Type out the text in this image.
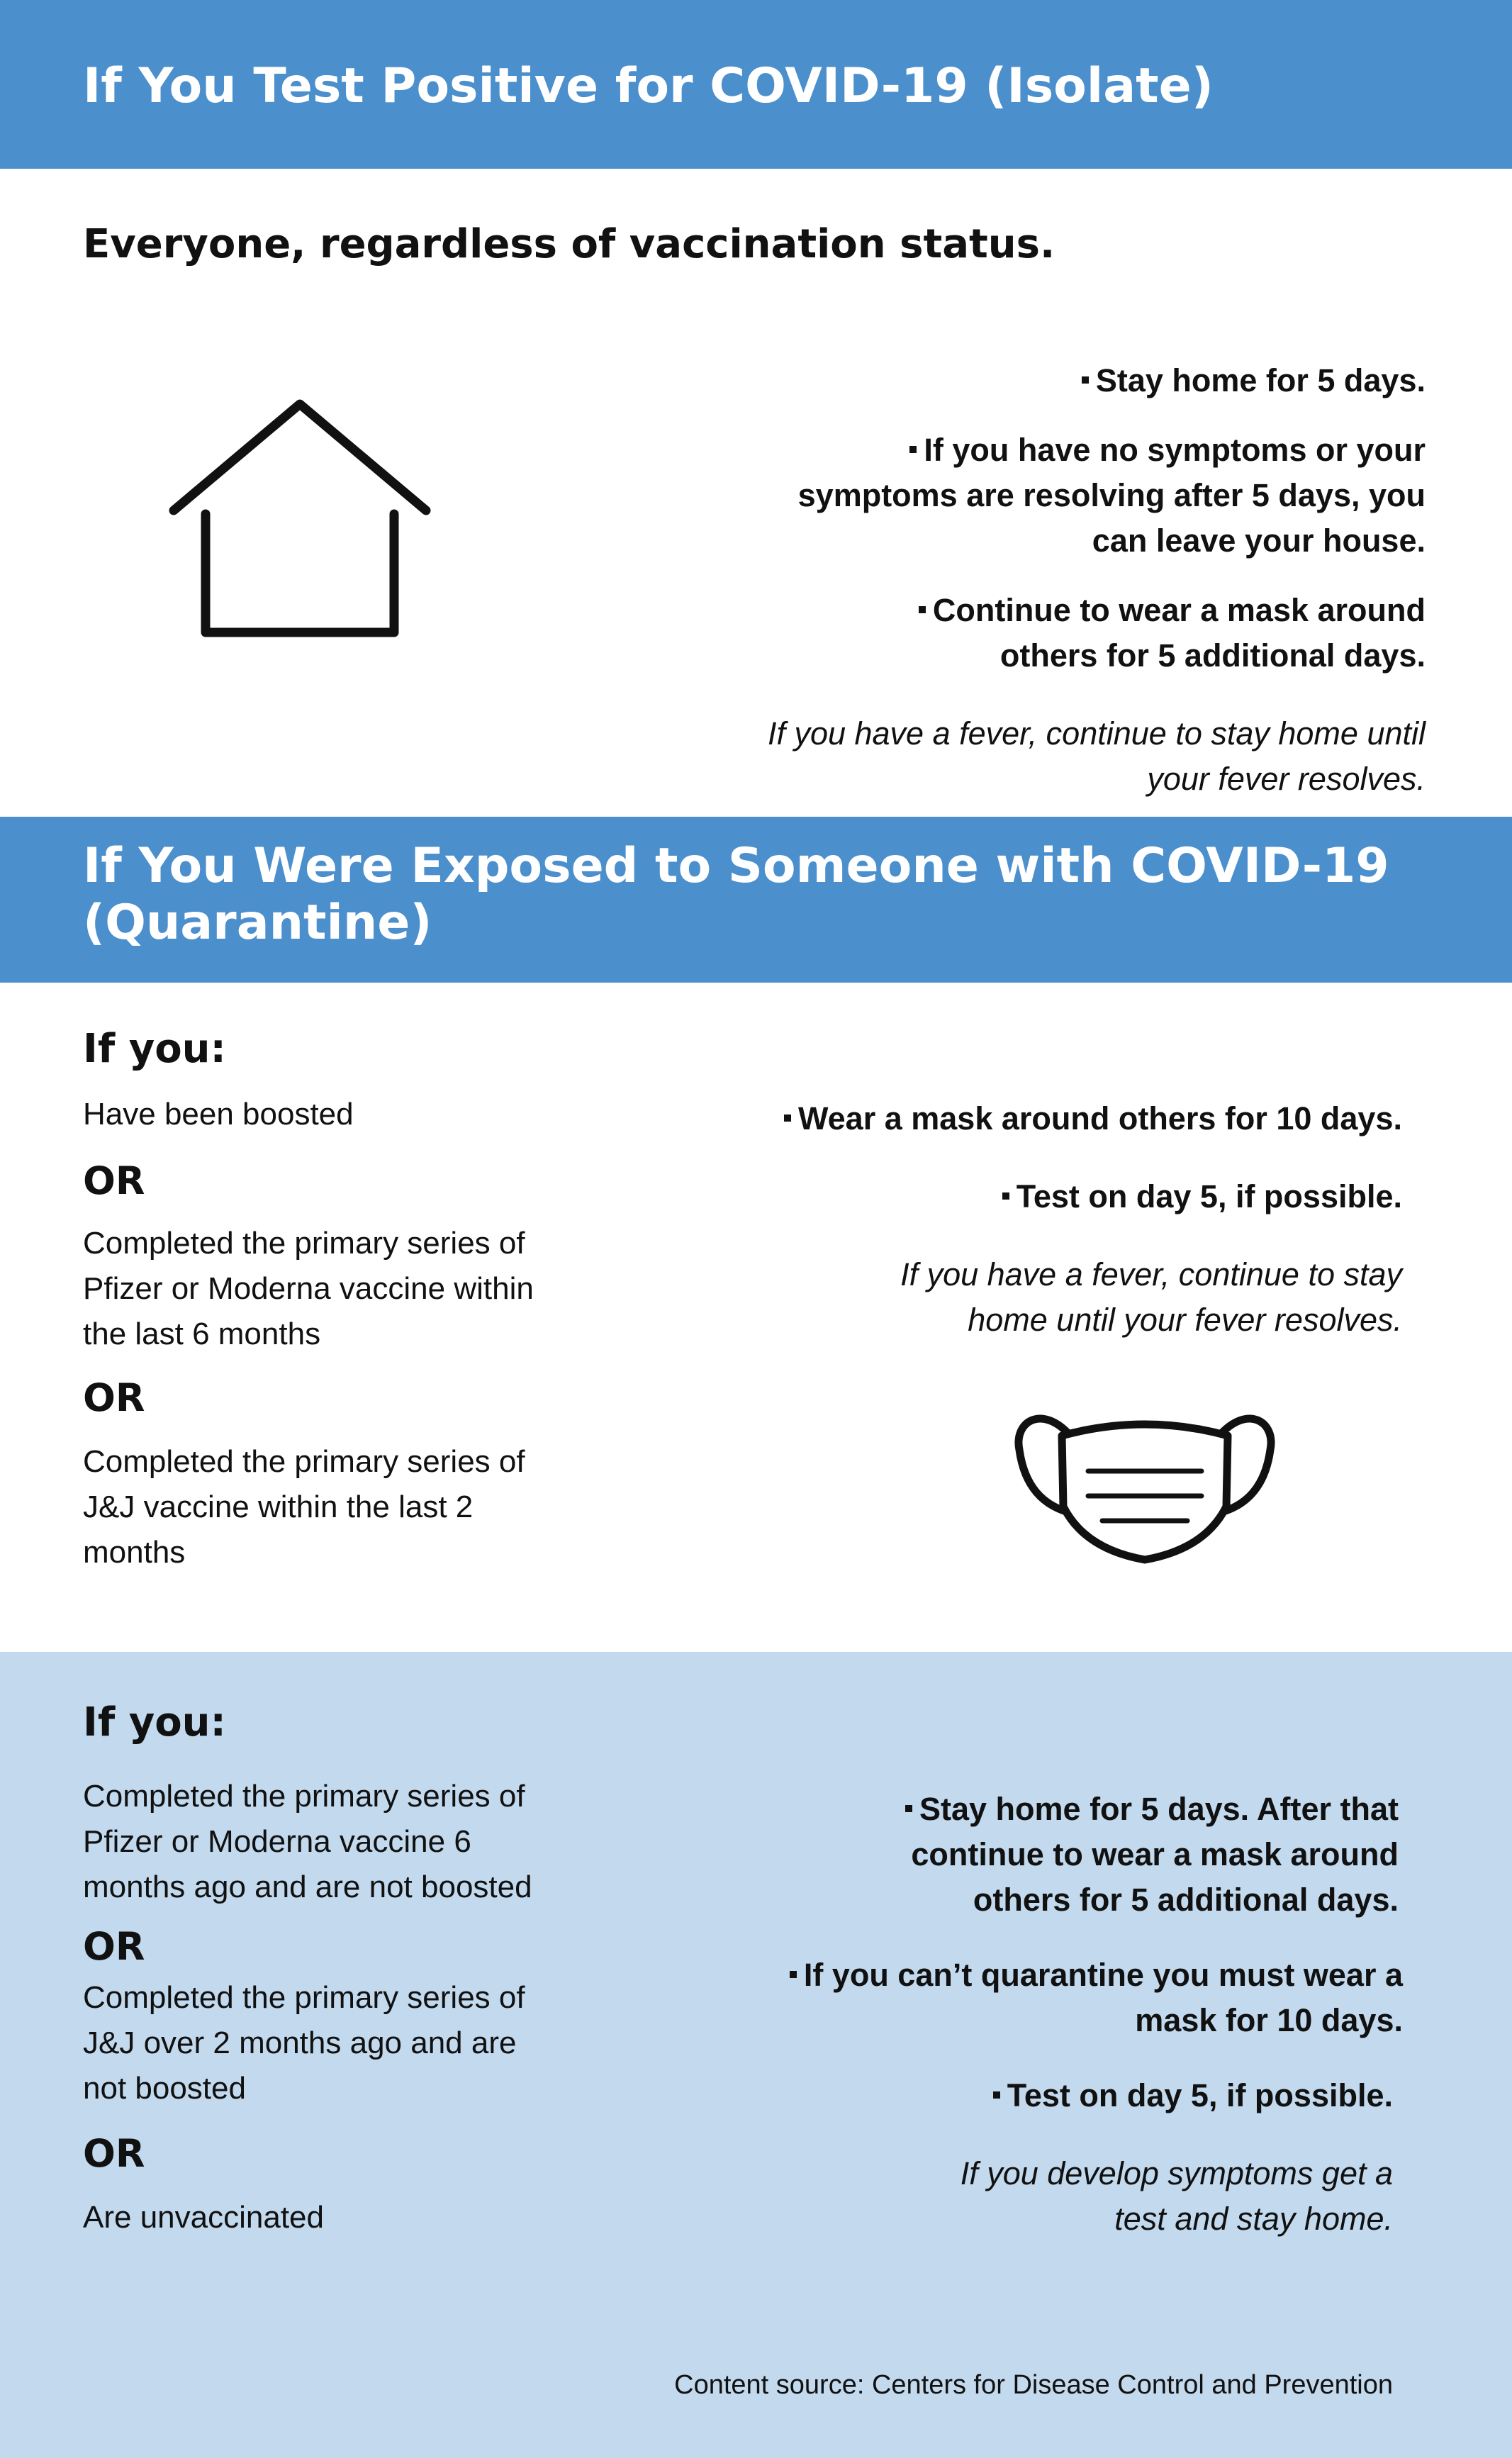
If You Test Positive for COVID-19 (Isolate)
Everyone, regardless of vaccination status.

Stay home for 5 days.

If you have no symptoms or your symptoms are resolving after 5 days, you can leave your house.

Continue to wear a mask around others for 5 additional days.

If you have a fever, continue to stay home until your fever resolves.

If You Were Exposed to Someone with COVID-19
(Quarantine)
If you:

Have been boosted

OR

Completed the primary series of Pfizer or Moderna vaccine within the last 6 months

OR

Completed the primary series of J&J vaccine within the last 2 months

Wear a mask around others for 10 days.

Test on day 5, if possible.

If you have a fever, continue to stay home until your fever resolves.

If you:

Completed the primary series of Pfizer or Moderna vaccine 6 months ago and are not boosted

OR

Completed the primary series of J&J over 2 months ago and are not boosted

OR

Are unvaccinated

Stay home for 5 days. After that continue to wear a mask around others for 5 additional days.

If you can’t quarantine you must wear a mask for 10 days.

Test on day 5, if possible.

If you develop symptoms get a test and stay home.

Content source: Centers for Disease Control and Prevention
